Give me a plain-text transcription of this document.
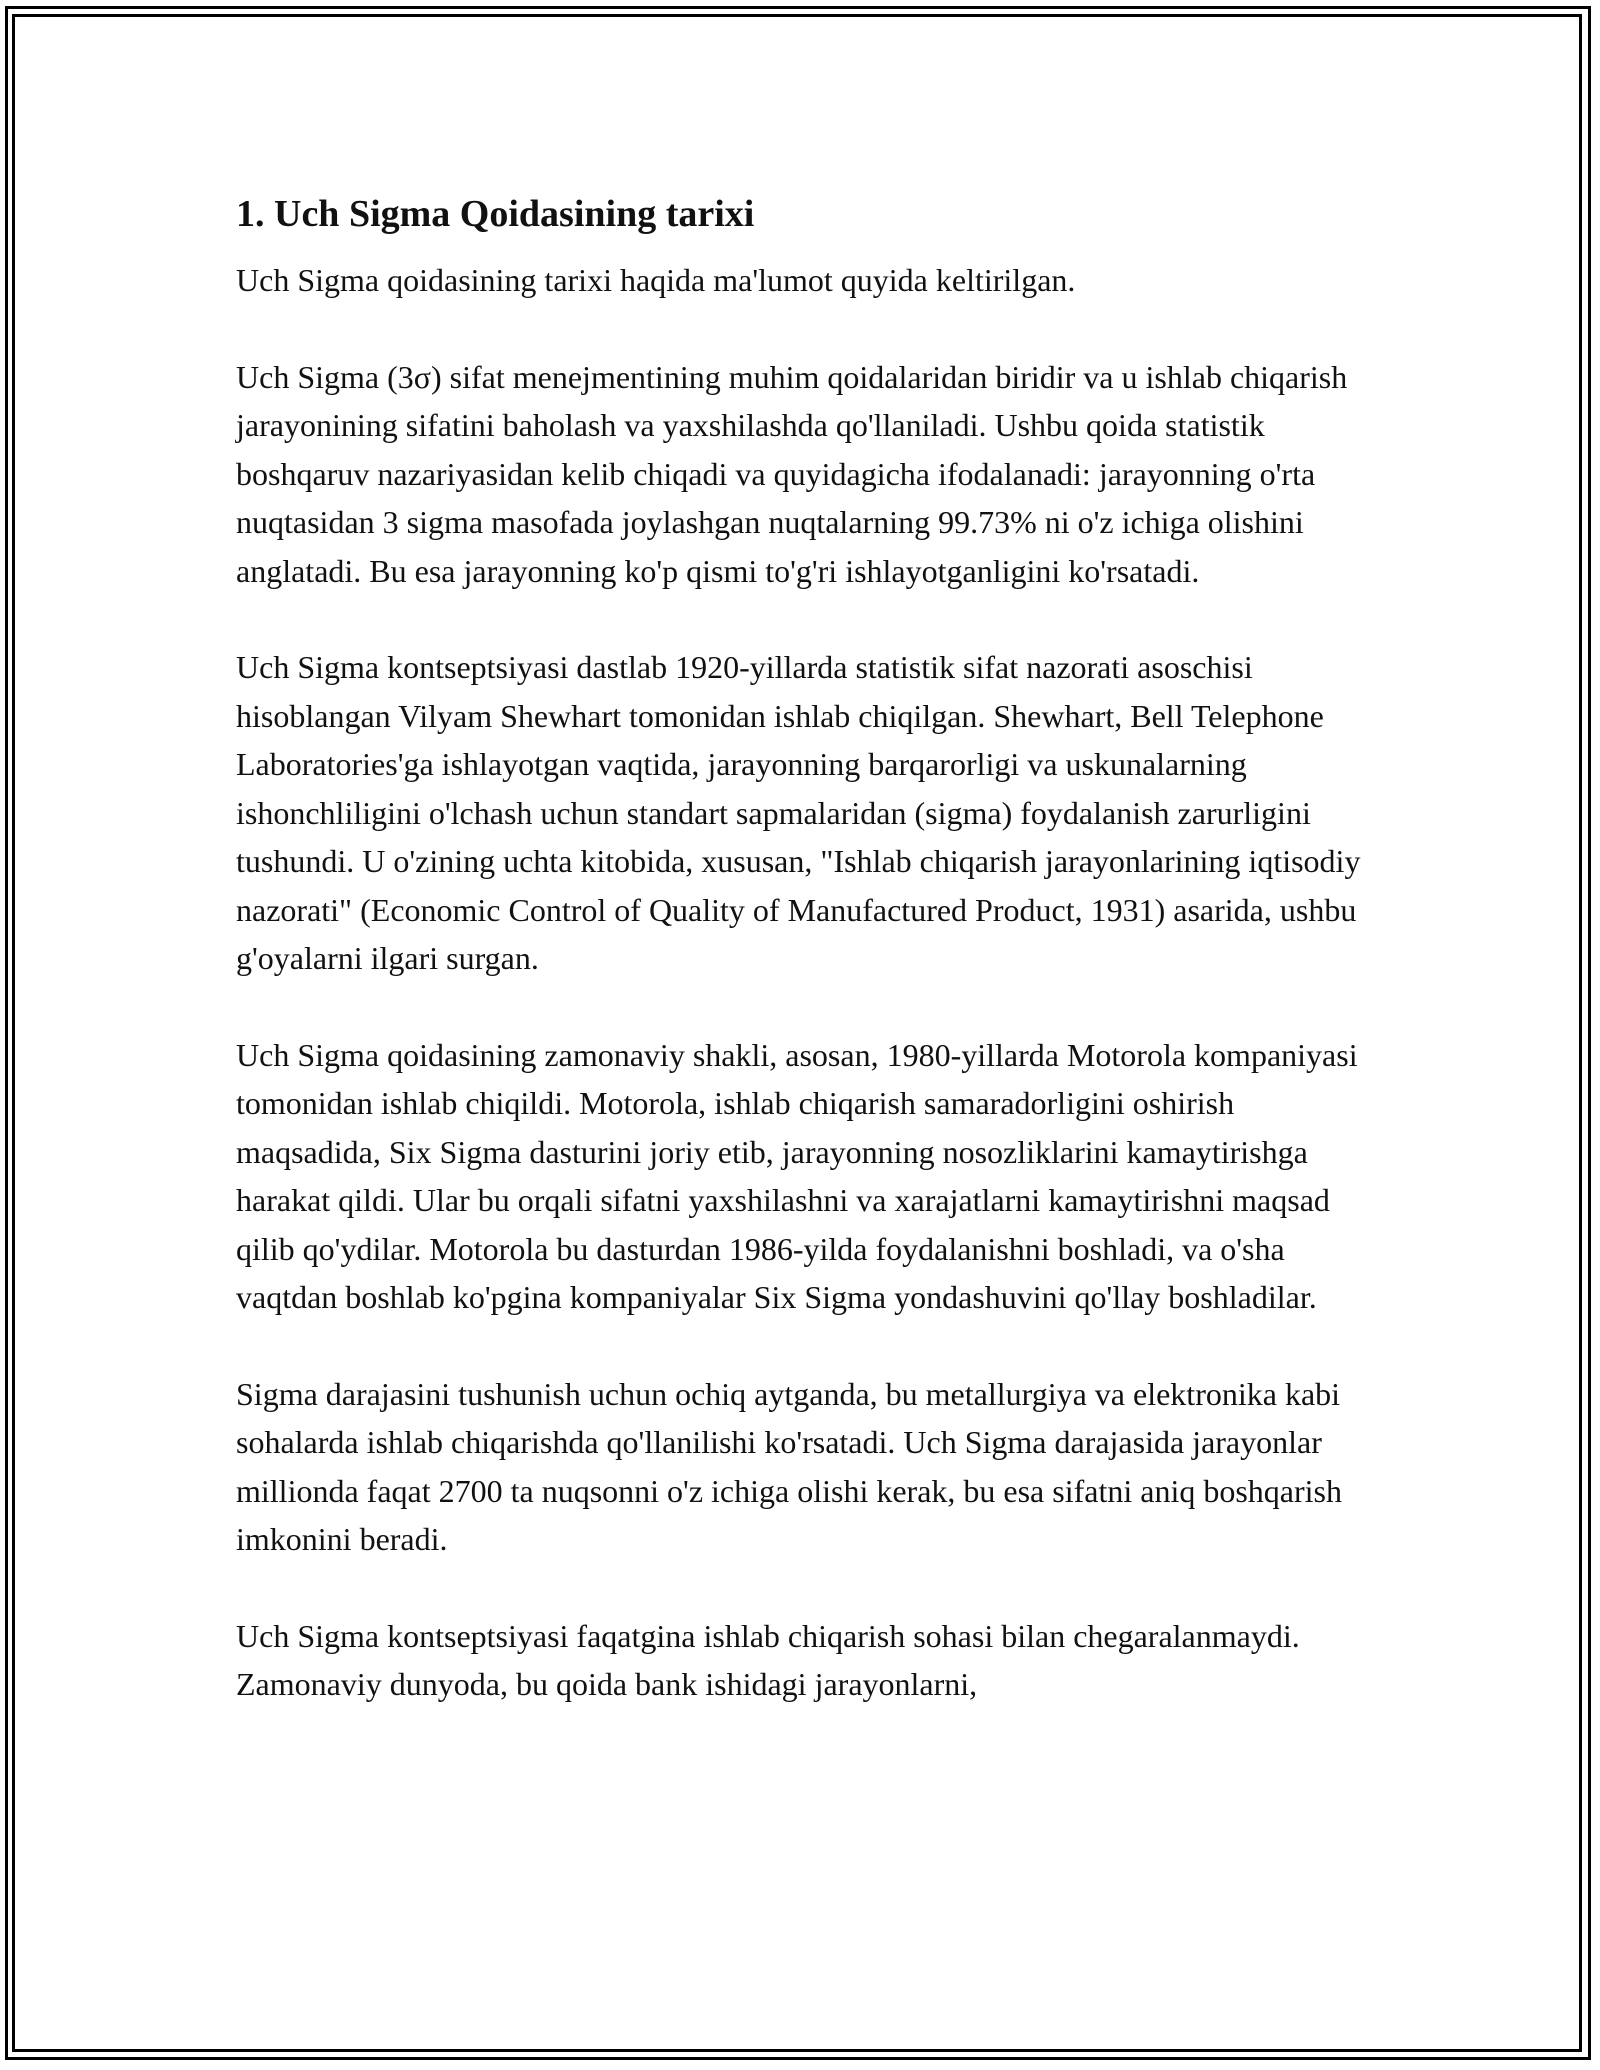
1. Uch Sigma Qoidasining tarixi

Uch Sigma qoidasining tarixi haqida ma'lumot quyida keltirilgan.

Uch Sigma (3σ) sifat menejmentining muhim qoidalaridan biridir va u ishlab chiqarish jarayonining sifatini baholash va yaxshilashda qo'llaniladi. Ushbu qoida statistik boshqaruv nazariyasidan kelib chiqadi va quyidagicha ifodalanadi: jarayonning o'rta nuqtasidan 3 sigma masofada joylashgan nuqtalarning 99.73% ni o'z ichiga olishini anglatadi. Bu esa jarayonning ko'p qismi to'g'ri ishlayotganligini ko'rsatadi.

Uch Sigma kontseptsiyasi dastlab 1920-yillarda statistik sifat nazorati asoschisi hisoblangan Vilyam Shewhart tomonidan ishlab chiqilgan. Shewhart, Bell Telephone Laboratories'ga ishlayotgan vaqtida, jarayonning barqarorligi va uskunalarning ishonchliligini o'lchash uchun standart sapmalaridan (sigma) foydalanish zarurligini tushundi. U o'zining uchta kitobida, xususan, "Ishlab chiqarish jarayonlarining iqtisodiy nazorati" (Economic Control of Quality of Manufactured Product, 1931) asarida, ushbu g'oyalarni ilgari surgan.

Uch Sigma qoidasining zamonaviy shakli, asosan, 1980-yillarda Motorola kompaniyasi tomonidan ishlab chiqildi. Motorola, ishlab chiqarish samaradorligini oshirish maqsadida, Six Sigma dasturini joriy etib, jarayonning nosozliklarini kamaytirishga harakat qildi. Ular bu orqali sifatni yaxshilashni va xarajatlarni kamaytirishni maqsad qilib qo'ydilar. Motorola bu dasturdan 1986-yilda foydalanishni boshladi, va o'sha vaqtdan boshlab ko'pgina kompaniyalar Six Sigma yondashuvini qo'llay boshladilar.

Sigma darajasini tushunish uchun ochiq aytganda, bu metallurgiya va elektronika kabi sohalarda ishlab chiqarishda qo'llanilishi ko'rsatadi. Uch Sigma darajasida jarayonlar millionda faqat 2700 ta nuqsonni o'z ichiga olishi kerak, bu esa sifatni aniq boshqarish imkonini beradi.

Uch Sigma kontseptsiyasi faqatgina ishlab chiqarish sohasi bilan chegaralanmaydi. Zamonaviy dunyoda, bu qoida bank ishidagi jarayonlarni,
